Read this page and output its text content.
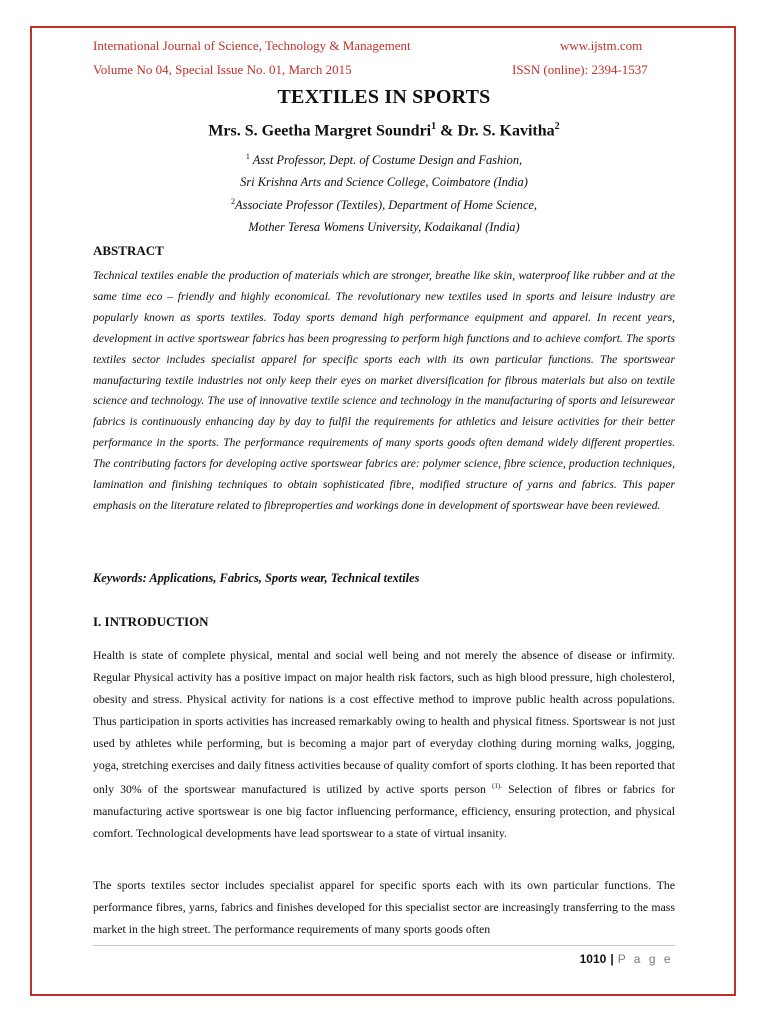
International Journal of Science, Technology & Management	www.ijstm.com
Volume No 04, Special Issue No. 01, March 2015	ISSN (online): 2394-1537
TEXTILES IN SPORTS
Mrs. S. Geetha Margret Soundri$^1$ & Dr. S. Kavitha$^2$
$^1$ Asst Professor, Dept. of Costume Design and Fashion,
Sri Krishna Arts and Science College, Coimbatore (India)
$^2$Associate Professor (Textiles), Department of Home Science,
Mother Teresa Womens University, Kodaikanal (India)
ABSTRACT
Technical textiles enable the production of materials which are stronger, breathe like skin, waterproof like rubber and at the same time eco – friendly and highly economical. The revolutionary new textiles used in sports and leisure industry are popularly known as sports textiles. Today sports demand high performance equipment and apparel. In recent years, development in active sportswear fabrics has been progressing to perform high functions and to achieve comfort. The sports textiles sector includes specialist apparel for specific sports each with its own particular functions. The sportswear manufacturing textile industries not only keep their eyes on market diversification for fibrous materials but also on textile science and technology. The use of innovative textile science and technology in the manufacturing of sports and leisurewear fabrics is continuously enhancing day by day to fulfil the requirements for athletics and leisure activities for their better performance in the sports. The performance requirements of many sports goods often demand widely different properties. The contributing factors for developing active sportswear fabrics are: polymer science, fibre science, production techniques, lamination and finishing techniques to obtain sophisticated fibre, modified structure of yarns and fabrics. This paper emphasis on the literature related to fibreproperties and workings done in development of sportswear have been reviewed.
Keywords: Applications, Fabrics, Sports wear, Technical textiles
I. INTRODUCTION
Health is state of complete physical, mental and social well being and not merely the absence of disease or infirmity. Regular Physical activity has a positive impact on major health risk factors, such as high blood pressure, high cholesterol, obesity and stress. Physical activity for nations is a cost effective method to improve public health across populations. Thus participation in sports activities has increased remarkably owing to health and physical fitness. Sportswear is not just used by athletes while performing, but is becoming a major part of everyday clothing during morning walks, jogging, yoga, stretching exercises and daily fitness activities because of quality comfort of sports clothing. It has been reported that only 30% of the sportswear manufactured is utilized by active sports person $^{(1).}$ Selection of fibres or fabrics for manufacturing active sportswear is one big factor influencing performance, efficiency, ensuring protection, and physical comfort. Technological developments have lead sportswear to a state of virtual insanity.
The sports textiles sector includes specialist apparel for specific sports each with its own particular functions. The performance fibres, yarns, fabrics and finishes developed for this specialist sector are increasingly transferring to the mass market in the high street. The performance requirements of many sports goods often
1010 | P a g e
